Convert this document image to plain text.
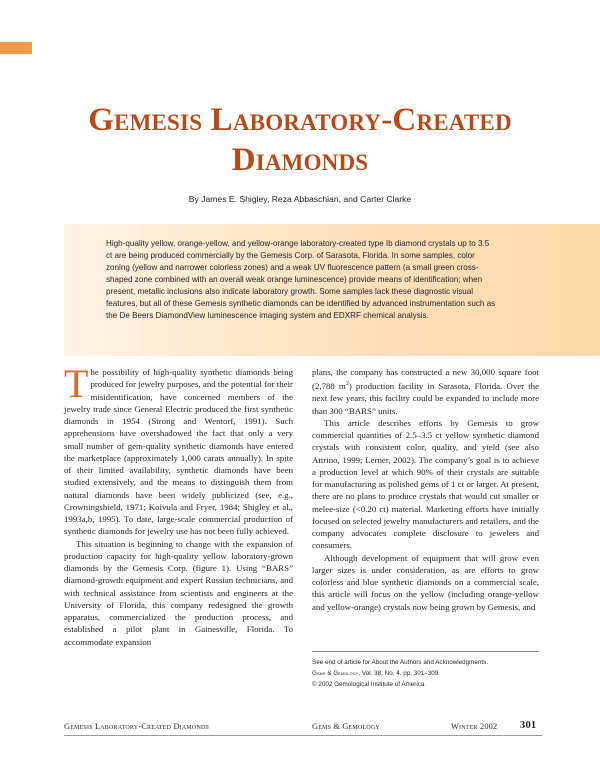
Gemesis Laboratory-Created
Diamonds
By James E. Shigley, Reza Abbaschian, and Carter Clarke

High-quality yellow, orange-yellow, and yellow-orange laboratory-created type Ib diamond crystals up to 3.5 ct are being produced commercially by the Gemesis Corp. of Sarasota, Florida. In some samples, color zoning (yellow and narrower colorless zones) and a weak UV fluorescence pattern (a small green cross-shaped zone combined with an overall weak orange luminescence) provide means of identification; when present, metallic inclusions also indicate laboratory growth. Some samples lack these diagnostic visual features, but all of these Gemesis synthetic diamonds can be identified by advanced instrumentation such as the De Beers DiamondView luminescence imaging system and EDXRF chemical analysis.

The possibility of high-quality synthetic diamonds being produced for jewelry purposes, and the potential for their misidentification, have concerned members of the jewelry trade since General Electric produced the first synthetic diamonds in 1954 (Strong and Wentorf, 1991). Such apprehensions have overshadowed the fact that only a very small number of gem-quality synthetic diamonds have entered the marketplace (approximately 1,000 carats annually). In spite of their limited availability, synthetic diamonds have been studied extensively, and the means to distinguish them from natural diamonds have been widely publicized (see, e.g., Crowningshield, 1971; Koivula and Fryer, 1984; Shigley et al., 1993a,b, 1995). To date, large-scale commercial production of synthetic diamonds for jewelry use has not been fully achieved.

This situation is beginning to change with the expansion of production capacity for high-quality yellow laboratory-grown diamonds by the Gemesis Corp. (figure 1). Using “BARS” diamond-growth equipment and expert Russian technicians, and with technical assistance from scientists and engineers at the University of Florida, this company redesigned the growth apparatus, commercialized the production process, and established a pilot plant in Gainesville, Florida. To accommodate expansion

plans, the company has constructed a new 30,000 square foot (2,788 $m^2$) production facility in Sarasota, Florida. Over the next few years, this facility could be expanded to include more than 300 “BARS” units.

This article describes efforts by Gemesis to grow commercial quantities of 2.5–3.5 ct yellow synthetic diamond crystals with consistent color, quality, and yield (see also Attrino, 1999; Lerner, 2002). The company’s goal is to achieve a production level at which 90% of their crystals are suitable for manufacturing as polished gems of 1 ct or larger. At present, there are no plans to produce crystals that would cut smaller or melee-size (<0.20 ct) material. Marketing efforts have initially focused on selected jewelry manufacturers and retailers, and the company advocates complete disclosure to jewelers and consumers.

Although development of equipment that will grow even larger sizes is under consideration, as are efforts to grow colorless and blue synthetic diamonds on a commercial scale, this article will focus on the yellow (including orange-yellow and yellow-orange) crystals now being grown by Gemesis, and

See end of article for About the Authors and Acknowledgments.
Gems & Gemology, Vol. 38, No. 4, pp. 301–309.
© 2002 Gemological Institute of America
Gemesis Laboratory-Created Diamonds	Gems & Gemology	Winter 2002 301
